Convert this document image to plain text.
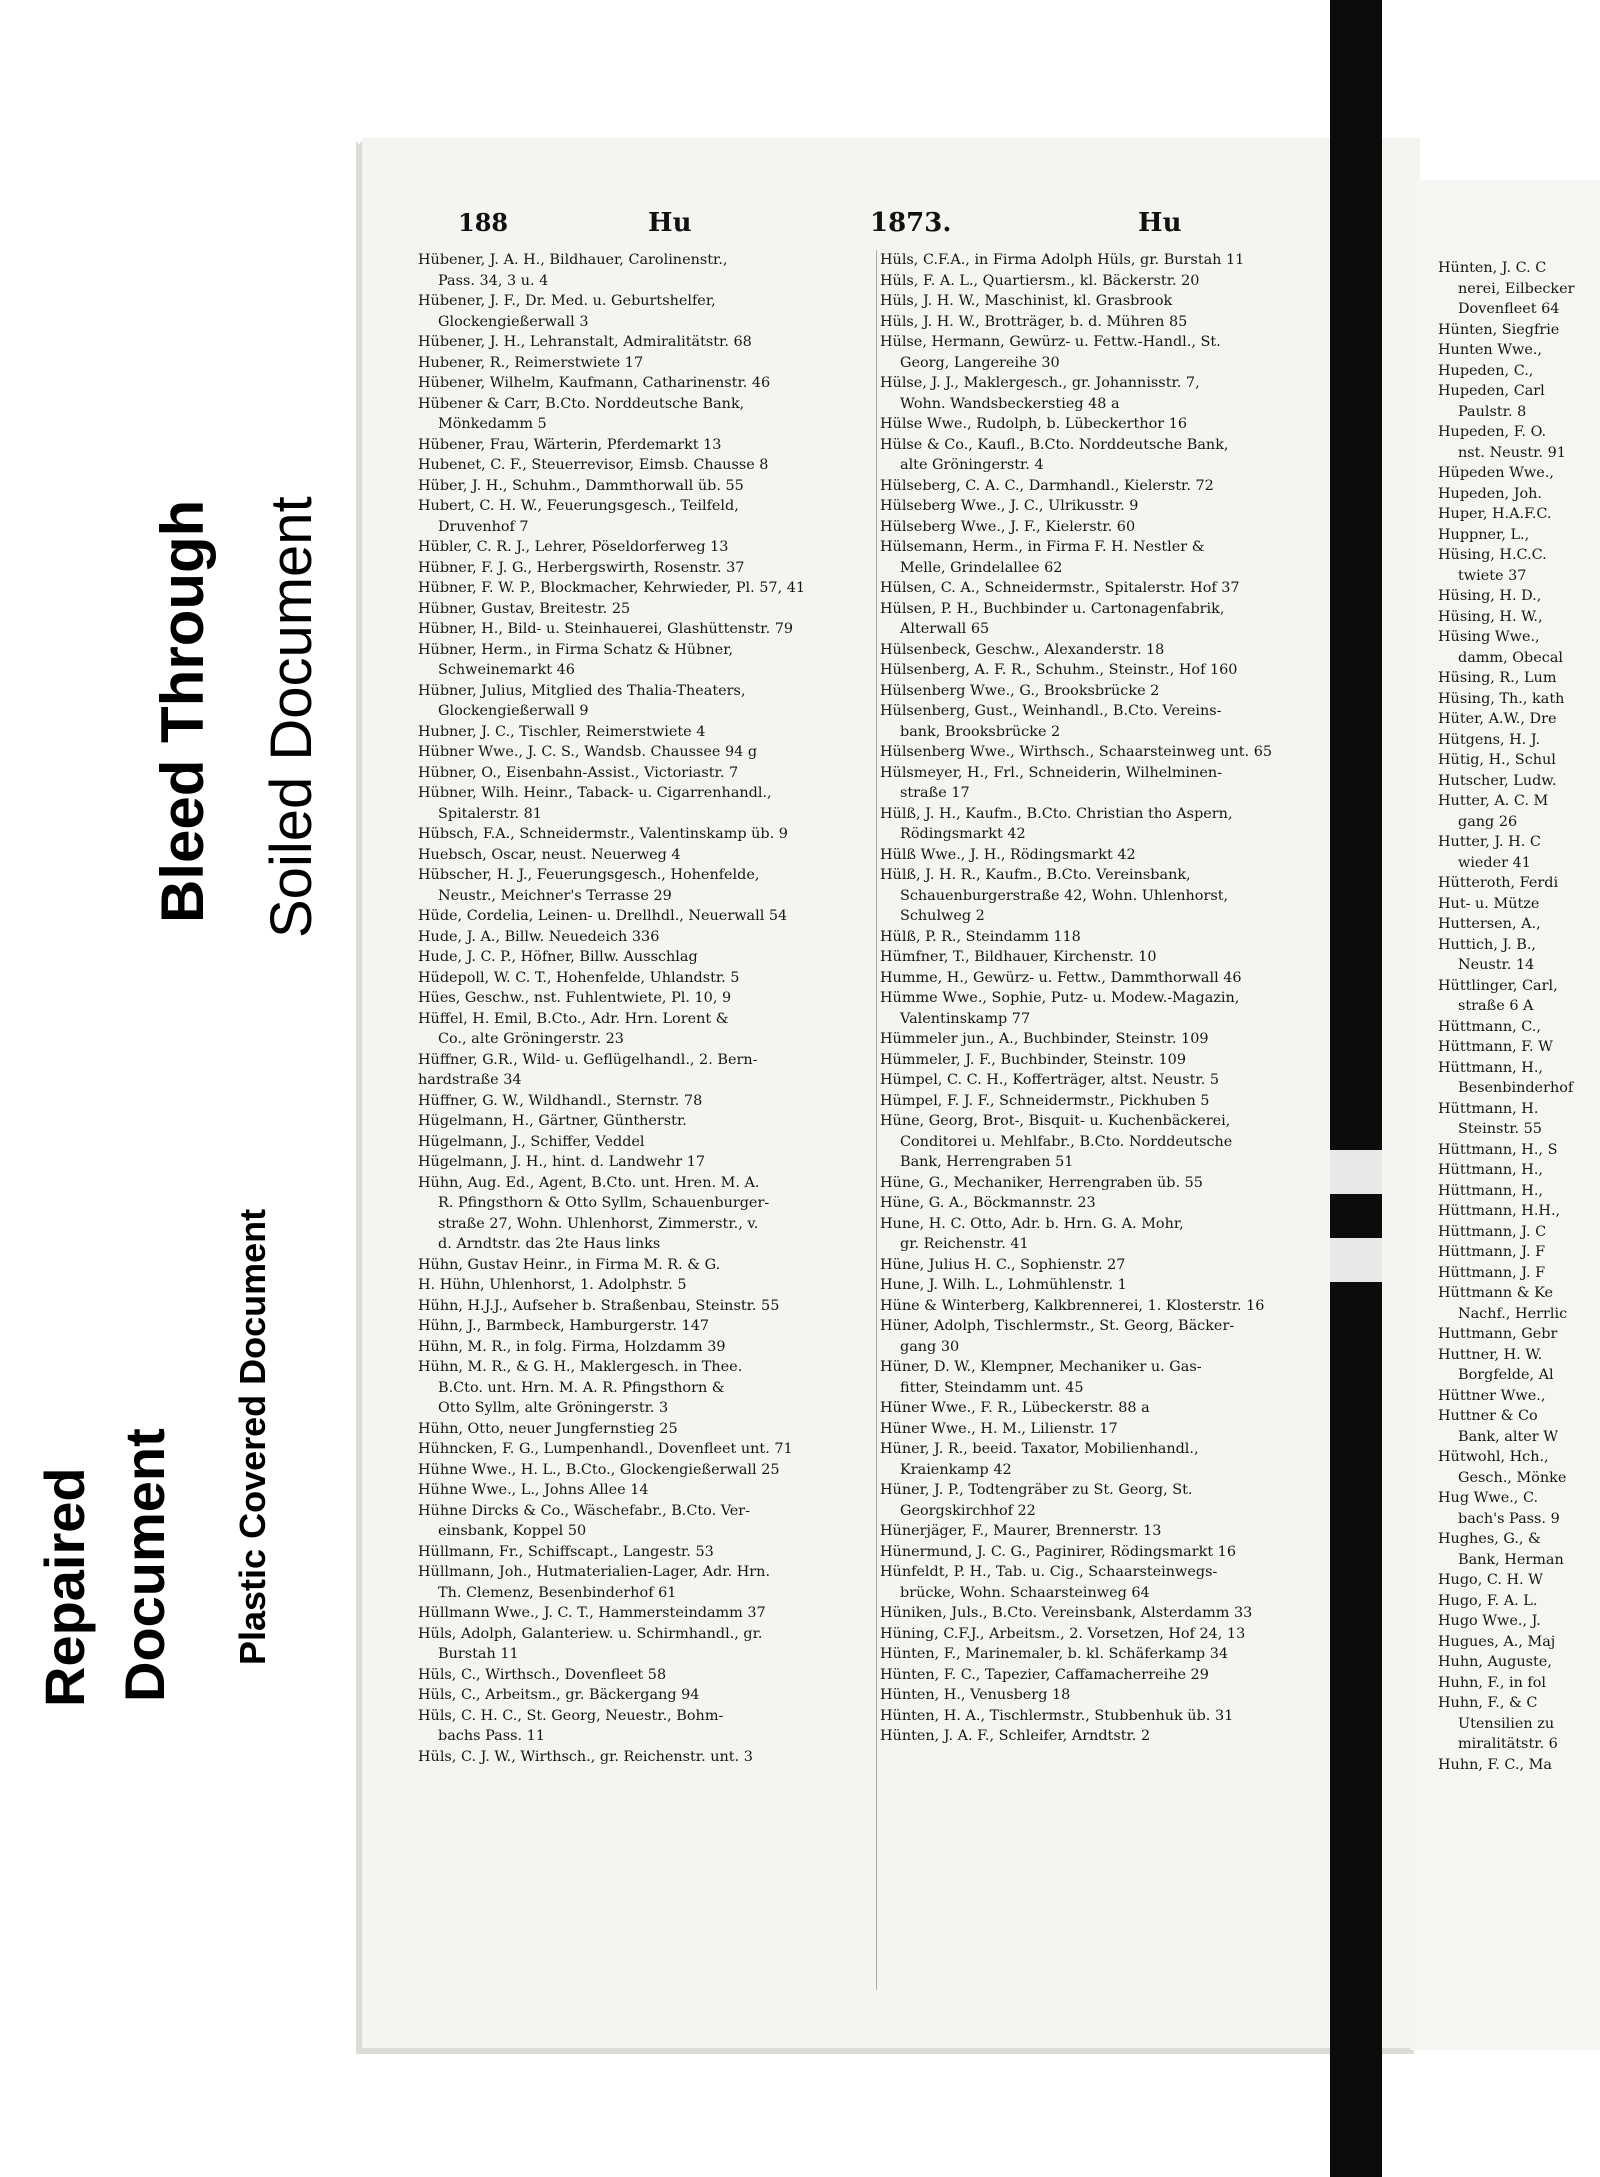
Bleed Through Soiled Document
Plastic Covered Document
Repaired Document
188	Hu	1873.	Hu
Hübener, J. A. H., Bildhauer, Carolinenstr.,
Pass. 34, 3 u. 4
Hübener, J. F., Dr. Med. u. Geburtshelfer,
Glockengießerwall 3
Hübener, J. H., Lehranstalt, Admiralitätstr. 68
Hubener, R., Reimerstwiete 17
Hübener, Wilhelm, Kaufmann, Catharinenstr. 46
Hübener & Carr, B.Cto. Norddeutsche Bank,
Mönkedamm 5
Hübener, Frau, Wärterin, Pferdemarkt 13
Hubenet, C. F., Steuerrevisor, Eimsb. Chausse 8
Hüber, J. H., Schuhm., Dammthorwall üb. 55
Hubert, C. H. W., Feuerungsgesch., Teilfeld,
Druvenhof 7
Hübler, C. R. J., Lehrer, Pöseldorferweg 13
Hübner, F. J. G., Herbergswirth, Rosenstr. 37
Hübner, F. W. P., Blockmacher, Kehrwieder, Pl. 57, 41
Hübner, Gustav, Breitestr. 25
Hübner, H., Bild- u. Steinhauerei, Glashüttenstr. 79
Hübner, Herm., in Firma Schatz & Hübner,
Schweinemarkt 46
Hübner, Julius, Mitglied des Thalia-Theaters,
Glockengießerwall 9
Hubner, J. C., Tischler, Reimerstwiete 4
Hübner Wwe., J. C. S., Wandsb. Chaussee 94 g
Hübner, O., Eisenbahn-Assist., Victoriastr. 7
Hübner, Wilh. Heinr., Taback- u. Cigarrenhandl.,
Spitalerstr. 81
Hübsch, F.A., Schneidermstr., Valentinskamp üb. 9
Huebsch, Oscar, neust. Neuerweg 4
Hübscher, H. J., Feuerungsgesch., Hohenfelde,
Neustr., Meichner's Terrasse 29
Hüde, Cordelia, Leinen- u. Drellhdl., Neuerwall 54
Hude, J. A., Billw. Neuedeich 336
Hude, J. C. P., Höfner, Billw. Ausschlag
Hüdepoll, W. C. T., Hohenfelde, Uhlandstr. 5
Hües, Geschw., nst. Fuhlentwiete, Pl. 10, 9
Hüffel, H. Emil, B.Cto., Adr. Hrn. Lorent &
Co., alte Gröningerstr. 23
Hüffner, G.R., Wild- u. Geflügelhandl., 2. Bern-
hardstraße 34
Hüffner, G. W., Wildhandl., Sternstr. 78
Hügelmann, H., Gärtner, Güntherstr.
Hügelmann, J., Schiffer, Veddel
Hügelmann, J. H., hint. d. Landwehr 17
Hühn, Aug. Ed., Agent, B.Cto. unt. Hren. M. A.
R. Pfingsthorn & Otto Syllm, Schauenburger-
straße 27, Wohn. Uhlenhorst, Zimmerstr., v.
d. Arndtstr. das 2te Haus links
Hühn, Gustav Heinr., in Firma M. R. & G.
H. Hühn, Uhlenhorst, 1. Adolphstr. 5
Hühn, H.J.J., Aufseher b. Straßenbau, Steinstr. 55
Hühn, J., Barmbeck, Hamburgerstr. 147
Hühn, M. R., in folg. Firma, Holzdamm 39
Hühn, M. R., & G. H., Maklergesch. in Thee.
B.Cto. unt. Hrn. M. A. R. Pfingsthorn &
Otto Syllm, alte Gröningerstr. 3
Hühn, Otto, neuer Jungfernstieg 25
Hühncken, F. G., Lumpenhandl., Dovenfleet unt. 71
Hühne Wwe., H. L., B.Cto., Glockengießerwall 25
Hühne Wwe., L., Johns Allee 14
Hühne Dircks & Co., Wäschefabr., B.Cto. Ver-
einsbank, Koppel 50
Hüllmann, Fr., Schiffscapt., Langestr. 53
Hüllmann, Joh., Hutmaterialien-Lager, Adr. Hrn.
Th. Clemenz, Besenbinderhof 61
Hüllmann Wwe., J. C. T., Hammersteindamm 37
Hüls, Adolph, Galanteriew. u. Schirmhandl., gr.
Burstah 11
Hüls, C., Wirthsch., Dovenfleet 58
Hüls, C., Arbeitsm., gr. Bäckergang 94
Hüls, C. H. C., St. Georg, Neuestr., Bohm-
bachs Pass. 11
Hüls, C. J. W., Wirthsch., gr. Reichenstr. unt. 3
Hüls, C.F.A., in Firma Adolph Hüls, gr. Burstah 11
Hüls, F. A. L., Quartiersm., kl. Bäckerstr. 20
Hüls, J. H. W., Maschinist, kl. Grasbrook
Hüls, J. H. W., Brotträger, b. d. Mühren 85
Hülse, Hermann, Gewürz- u. Fettw.-Handl., St.
Georg, Langereihe 30
Hülse, J. J., Maklergesch., gr. Johannisstr. 7,
Wohn. Wandsbeckerstieg 48 a
Hülse Wwe., Rudolph, b. Lübeckerthor 16
Hülse & Co., Kaufl., B.Cto. Norddeutsche Bank,
alte Gröningerstr. 4
Hülseberg, C. A. C., Darmhandl., Kielerstr. 72
Hülseberg Wwe., J. C., Ulrikusstr. 9
Hülseberg Wwe., J. F., Kielerstr. 60
Hülsemann, Herm., in Firma F. H. Nestler &
Melle, Grindelallee 62
Hülsen, C. A., Schneidermstr., Spitalerstr. Hof 37
Hülsen, P. H., Buchbinder u. Cartonagenfabrik,
Alterwall 65
Hülsenbeck, Geschw., Alexanderstr. 18
Hülsenberg, A. F. R., Schuhm., Steinstr., Hof 160
Hülsenberg Wwe., G., Brooksbrücke 2
Hülsenberg, Gust., Weinhandl., B.Cto. Vereins-
bank, Brooksbrücke 2
Hülsenberg Wwe., Wirthsch., Schaarsteinweg unt. 65
Hülsmeyer, H., Frl., Schneiderin, Wilhelminen-
straße 17
Hülß, J. H., Kaufm., B.Cto. Christian tho Aspern,
Rödingsmarkt 42
Hülß Wwe., J. H., Rödingsmarkt 42
Hülß, J. H. R., Kaufm., B.Cto. Vereinsbank,
Schauenburgerstraße 42, Wohn. Uhlenhorst,
Schulweg 2
Hülß, P. R., Steindamm 118
Hümfner, T., Bildhauer, Kirchenstr. 10
Humme, H., Gewürz- u. Fettw., Dammthorwall 46
Hümme Wwe., Sophie, Putz- u. Modew.-Magazin,
Valentinskamp 77
Hümmeler jun., A., Buchbinder, Steinstr. 109
Hümmeler, J. F., Buchbinder, Steinstr. 109
Hümpel, C. C. H., Kofferträger, altst. Neustr. 5
Hümpel, F. J. F., Schneidermstr., Pickhuben 5
Hüne, Georg, Brot-, Bisquit- u. Kuchenbäckerei,
Conditorei u. Mehlfabr., B.Cto. Norddeutsche
Bank, Herrengraben 51
Hüne, G., Mechaniker, Herrengraben üb. 55
Hüne, G. A., Böckmannstr. 23
Hune, H. C. Otto, Adr. b. Hrn. G. A. Mohr,
gr. Reichenstr. 41
Hüne, Julius H. C., Sophienstr. 27
Hune, J. Wilh. L., Lohmühlenstr. 1
Hüne & Winterberg, Kalkbrennerei, 1. Klosterstr. 16
Hüner, Adolph, Tischlermstr., St. Georg, Bäcker-
gang 30
Hüner, D. W., Klempner, Mechaniker u. Gas-
fitter, Steindamm unt. 45
Hüner Wwe., F. R., Lübeckerstr. 88 a
Hüner Wwe., H. M., Lilienstr. 17
Hüner, J. R., beeid. Taxator, Mobilienhandl.,
Kraienkamp 42
Hüner, J. P., Todtengräber zu St. Georg, St.
Georgskirchhof 22
Hünerjäger, F., Maurer, Brennerstr. 13
Hünermund, J. C. G., Paginirer, Rödingsmarkt 16
Hünfeldt, P. H., Tab. u. Cig., Schaarsteinwegs-
brücke, Wohn. Schaarsteinweg 64
Hüniken, Juls., B.Cto. Vereinsbank, Alsterdamm 33
Hüning, C.F.J., Arbeitsm., 2. Vorsetzen, Hof 24, 13
Hünten, F., Marinemaler, b. kl. Schäferkamp 34
Hünten, F. C., Tapezier, Caffamacherreihe 29
Hünten, H., Venusberg 18
Hünten, H. A., Tischlermstr., Stubbenhuk üb. 31
Hünten, J. A. F., Schleifer, Arndtstr. 2
Hünten, J. C. C
nerei, Eilbecker
Dovenfleet 64
Hünten, Siegfrie
Hunten Wwe.,
Hupeden, C.,
Hupeden, Carl
Paulstr. 8
Hupeden, F. O.
nst. Neustr. 91
Hüpeden Wwe.,
Hupeden, Joh.
Huper, H.A.F.C.
Huppner, L.,
Hüsing, H.C.C.
twiete 37
Hüsing, H. D.,
Hüsing, H. W.,
Hüsing Wwe.,
damm, Obecal
Hüsing, R., Lum
Hüsing, Th., kath
Hüter, A.W., Dre
Hütgens, H. J.
Hütig, H., Schul
Hutscher, Ludw.
Hutter, A. C. M
gang 26
Hutter, J. H. C
wieder 41
Hütteroth, Ferdi
Hut- u. Mütze
Huttersen, A.,
Huttich, J. B.,
Neustr. 14
Hüttlinger, Carl,
straße 6 A
Hüttmann, C.,
Hüttmann, F. W
Hüttmann, H.,
Besenbinderhof
Hüttmann, H.
Steinstr. 55
Hüttmann, H., S
Hüttmann, H.,
Hüttmann, H.,
Hüttmann, H.H.,
Hüttmann, J. C
Hüttmann, J. F
Hüttmann, J. F
Hüttmann & Ke
Nachf., Herrlic
Huttmann, Gebr
Huttner, H. W.
Borgfelde, Al
Hüttner Wwe.,
Huttner & Co
Bank, alter W
Hütwohl, Hch.,
Gesch., Mönke
Hug Wwe., C.
bach's Pass. 9
Hughes, G., &
Bank, Herman
Hugo, C. H. W
Hugo, F. A. L.
Hugo Wwe., J.
Hugues, A., Maj
Huhn, Auguste,
Huhn, F., in fol
Huhn, F., & C
Utensilien zu
miralitätstr. 6
Huhn, F. C., Ma
